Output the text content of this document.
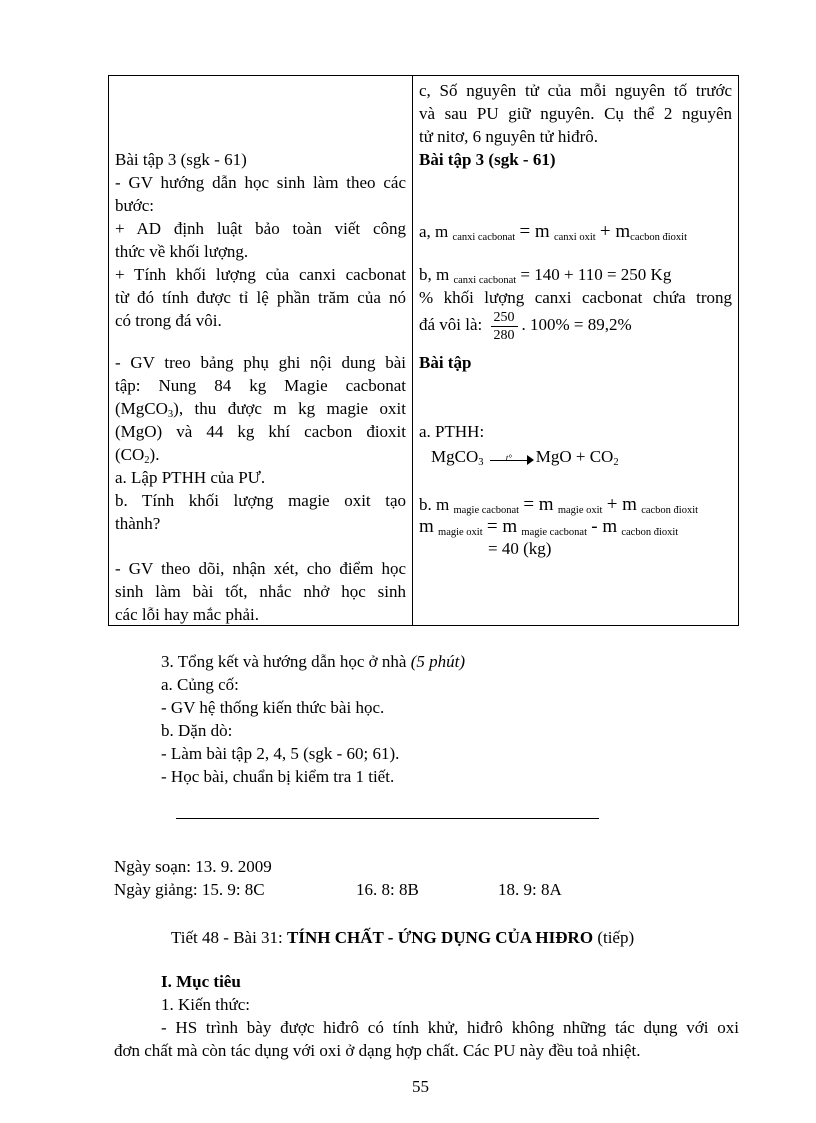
Bài tập 3 (sgk - 61)
- GV hướng dẫn học sinh làm theo các
bước:
+ AD định luật bảo toàn viết công
thức về khối lượng.
+ Tính khối lượng của canxi cacbonat
từ đó tính được tỉ lệ phần trăm của nó
có trong đá vôi.
- GV treo bảng phụ ghi nội dung bài
tập: Nung 84 kg Magie cacbonat
(MgCO$_3$), thu được m kg magie oxit
(MgO) và 44 kg khí cacbon đioxit
$(CO_2)$.
a. Lập PTHH của PƯ.
b. Tính khối lượng magie oxit tạo
thành?
- GV theo dõi, nhận xét, cho điểm học
sinh làm bài tốt, nhắc nhở học sinh
các lỗi hay mắc phải.

c, Số nguyên tử của mỗi nguyên tố trước
và sau PU giữ nguyên. Cụ thể 2 nguyên
tử nitơ, 6 nguyên tử hiđrô.
Bài tập 3 (sgk - 61)
a, m $_{canxi cacbonat}$ = m $_{canxi oxit} + m_{cacbon đioxit}$
b, m $_{canxi cacbonat}$ = 140 + 110 = 250 Kg
% khối lượng canxi cacbonat chứa trong
đá vôi là: $\frac{250}{280}$ . 100% = 89,2%
Bài tập
a. PTHH:
MgCO$_3$ t° MgO + $CO_2$
b. m $_{magie cacbonat}$ = m $_{magie oxit}$ + m $_{cacbon đioxit}$
m $_{magie oxit}$ = m $_{magie cacbonat}$ - m $_{cacbon đioxit}$
= 40 (kg)
3. Tổng kết và hướng dẫn học ở nhà (5 phút)
a. Củng cố:
- GV hệ thống kiến thức bài học.
b. Dặn dò:
- Làm bài tập 2, 4, 5 (sgk - 60; 61).
- Học bài, chuẩn bị kiểm tra 1 tiết.
Ngày soạn: 13. 9. 2009
Ngày giảng: 15. 9: 8C	16. 8: 8B	18. 9: 8A
Tiết 48 - Bài 31: TÍNH CHẤT - ỨNG DỤNG CỦA HIĐRO (tiếp)
I. Mục tiêu
1. Kiến thức:
- HS trình bày được hiđrô có tính khử, hiđrô không những tác dụng với oxi
đơn chất mà còn tác dụng với oxi ở dạng hợp chất. Các PU này đều toả nhiệt.
55
